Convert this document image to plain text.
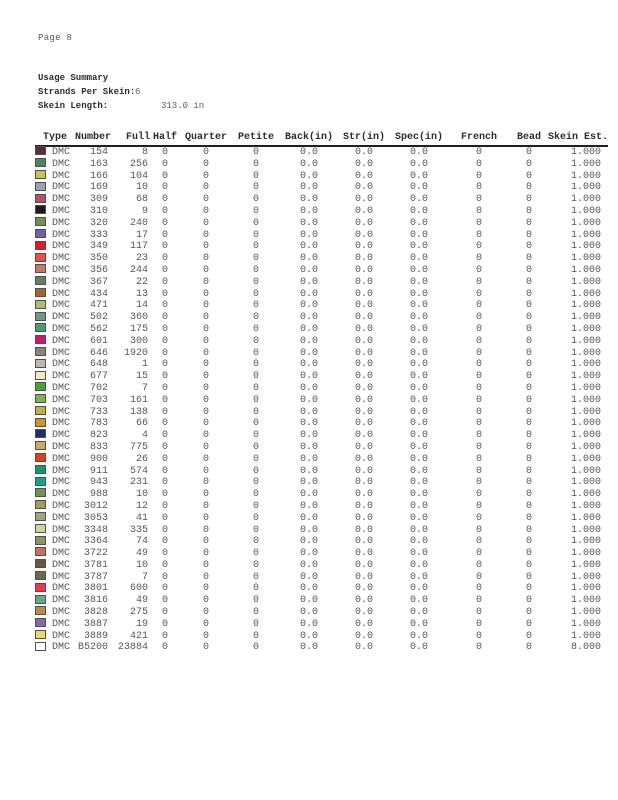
Page 8
Usage Summary
Strands Per Skein:6
Skein Length:	313.0 in
Type		Number	Full	Half	Quarter	Petite	Back(in)	Str(in)	Spec(in)	French	Bead	Skein Est.
	DMC	154	8	0	0	0	0.0	0.0	0.0	0	0	1.000
	DMC	163	256	0	0	0	0.0	0.0	0.0	0	0	1.000
	DMC	166	104	0	0	0	0.0	0.0	0.0	0	0	1.000
	DMC	169	10	0	0	0	0.0	0.0	0.0	0	0	1.000
	DMC	309	68	0	0	0	0.0	0.0	0.0	0	0	1.000
	DMC	310	9	0	0	0	0.0	0.0	0.0	0	0	1.000
	DMC	320	240	0	0	0	0.0	0.0	0.0	0	0	1.000
	DMC	333	17	0	0	0	0.0	0.0	0.0	0	0	1.000
	DMC	349	117	0	0	0	0.0	0.0	0.0	0	0	1.000
	DMC	350	23	0	0	0	0.0	0.0	0.0	0	0	1.000
	DMC	356	244	0	0	0	0.0	0.0	0.0	0	0	1.000
	DMC	367	22	0	0	0	0.0	0.0	0.0	0	0	1.000
	DMC	434	13	0	0	0	0.0	0.0	0.0	0	0	1.000
	DMC	471	14	0	0	0	0.0	0.0	0.0	0	0	1.000
	DMC	502	360	0	0	0	0.0	0.0	0.0	0	0	1.000
	DMC	562	175	0	0	0	0.0	0.0	0.0	0	0	1.000
	DMC	601	300	0	0	0	0.0	0.0	0.0	0	0	1.000
	DMC	646	1920	0	0	0	0.0	0.0	0.0	0	0	1.000
	DMC	648	1	0	0	0	0.0	0.0	0.0	0	0	1.000
	DMC	677	15	0	0	0	0.0	0.0	0.0	0	0	1.000
	DMC	702	7	0	0	0	0.0	0.0	0.0	0	0	1.000
	DMC	703	161	0	0	0	0.0	0.0	0.0	0	0	1.000
	DMC	733	138	0	0	0	0.0	0.0	0.0	0	0	1.000
	DMC	783	66	0	0	0	0.0	0.0	0.0	0	0	1.000
	DMC	823	4	0	0	0	0.0	0.0	0.0	0	0	1.000
	DMC	833	775	0	0	0	0.0	0.0	0.0	0	0	1.000
	DMC	900	26	0	0	0	0.0	0.0	0.0	0	0	1.000
	DMC	911	574	0	0	0	0.0	0.0	0.0	0	0	1.000
	DMC	943	231	0	0	0	0.0	0.0	0.0	0	0	1.000
	DMC	988	10	0	0	0	0.0	0.0	0.0	0	0	1.000
	DMC	3012	12	0	0	0	0.0	0.0	0.0	0	0	1.000
	DMC	3053	41	0	0	0	0.0	0.0	0.0	0	0	1.000
	DMC	3348	335	0	0	0	0.0	0.0	0.0	0	0	1.000
	DMC	3364	74	0	0	0	0.0	0.0	0.0	0	0	1.000
	DMC	3722	49	0	0	0	0.0	0.0	0.0	0	0	1.000
	DMC	3781	10	0	0	0	0.0	0.0	0.0	0	0	1.000
	DMC	3787	7	0	0	0	0.0	0.0	0.0	0	0	1.000
	DMC	3801	600	0	0	0	0.0	0.0	0.0	0	0	1.000
	DMC	3816	49	0	0	0	0.0	0.0	0.0	0	0	1.000
	DMC	3828	275	0	0	0	0.0	0.0	0.0	0	0	1.000
	DMC	3887	19	0	0	0	0.0	0.0	0.0	0	0	1.000
	DMC	3889	421	0	0	0	0.0	0.0	0.0	0	0	1.000
	DMC	B5200	23884	0	0	0	0.0	0.0	0.0	0	0	8.000
